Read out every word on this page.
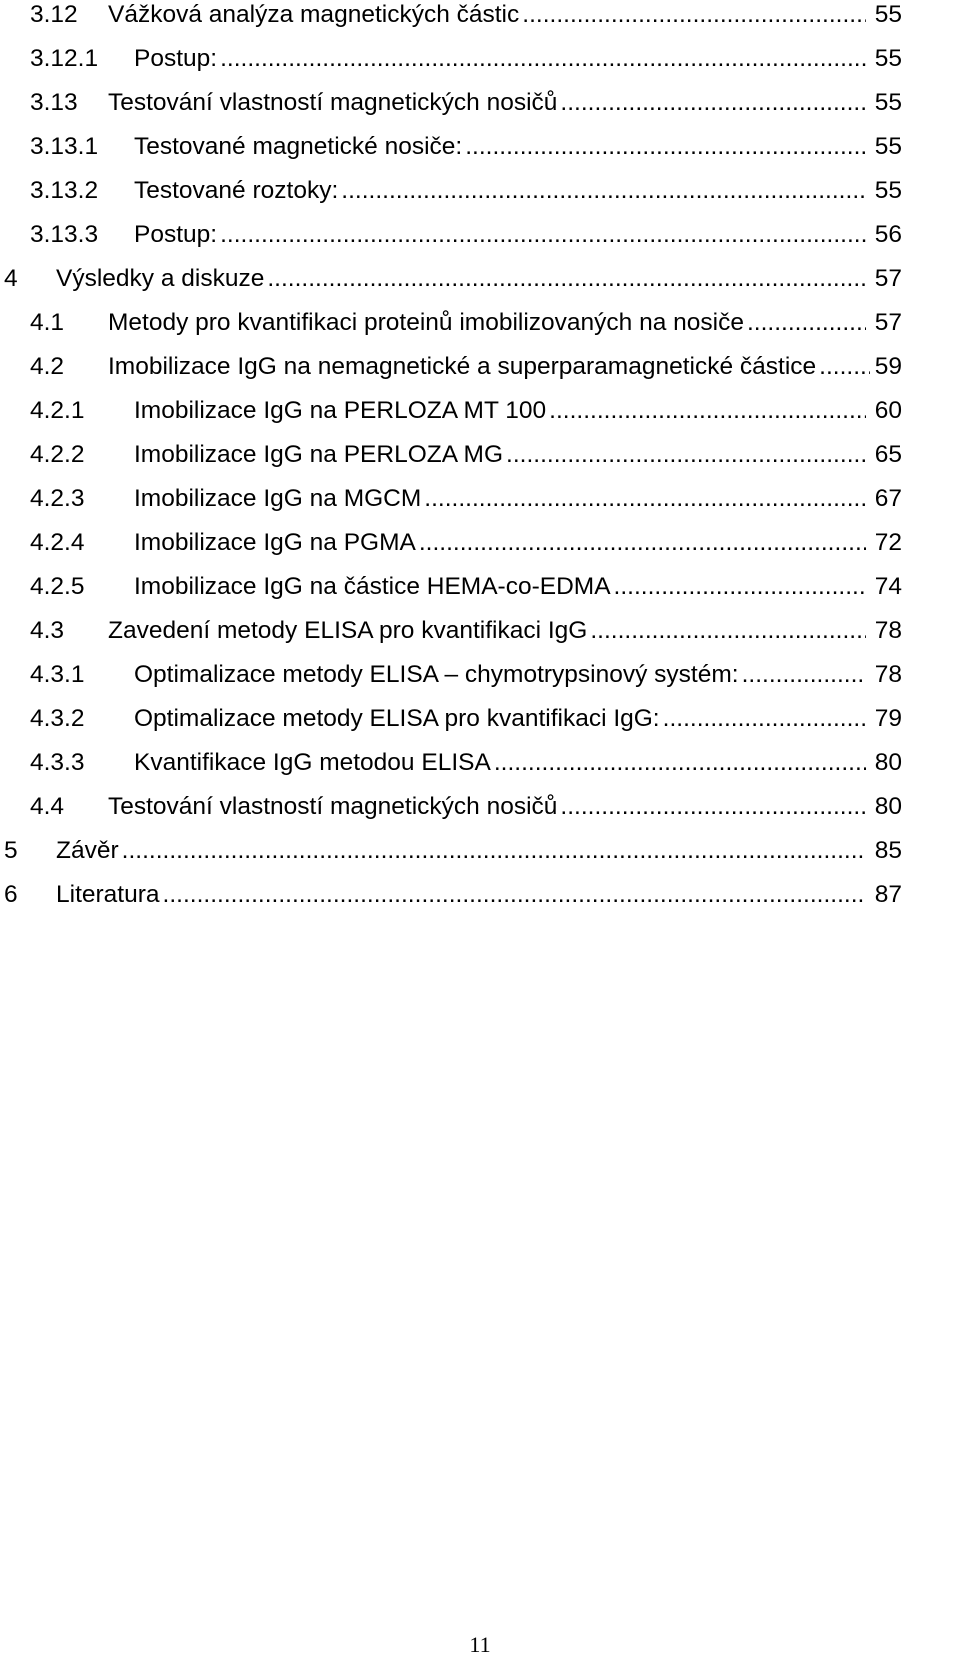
3.12 Vážková analýza magnetických částic . . .	55
3.12.1 Postup: . . .	55
3.13 Testování vlastností magnetických nosičů . . .	55
3.13.1 Testované magnetické nosiče: . . .	55
3.13.2 Testované roztoky: . . .	55
3.13.3 Postup: . . .	56
4 Výsledky a diskuze . . .	57
4.1 Metody pro kvantifikaci proteinů imobilizovaných na nosiče . . .	57
4.2 Imobilizace IgG na nemagnetické a superparamagnetické částice . . . 59
4.2.1 Imobilizace IgG na PERLOZA MT 100 . . .	60
4.2.2 Imobilizace IgG na PERLOZA MG . . .	65
4.2.3 Imobilizace IgG na MGCM . . .	67
4.2.4 Imobilizace IgG na PGMA . . .	72
4.2.5 Imobilizace IgG na částice HEMA-co-EDMA . . .	74
4.3 Zavedení metody ELISA pro kvantifikaci IgG . . .	78
4.3.1 Optimalizace metody ELISA – chymotrypsinový systém: . . .	78
4.3.2 Optimalizace metody ELISA pro kvantifikaci IgG: . . .	79
4.3.3 Kvantifikace IgG metodou ELISA . . .	80
4.4 Testování vlastností magnetických nosičů . . .	80
5 Závěr . . .	85
6 Literatura . . .	87
11
